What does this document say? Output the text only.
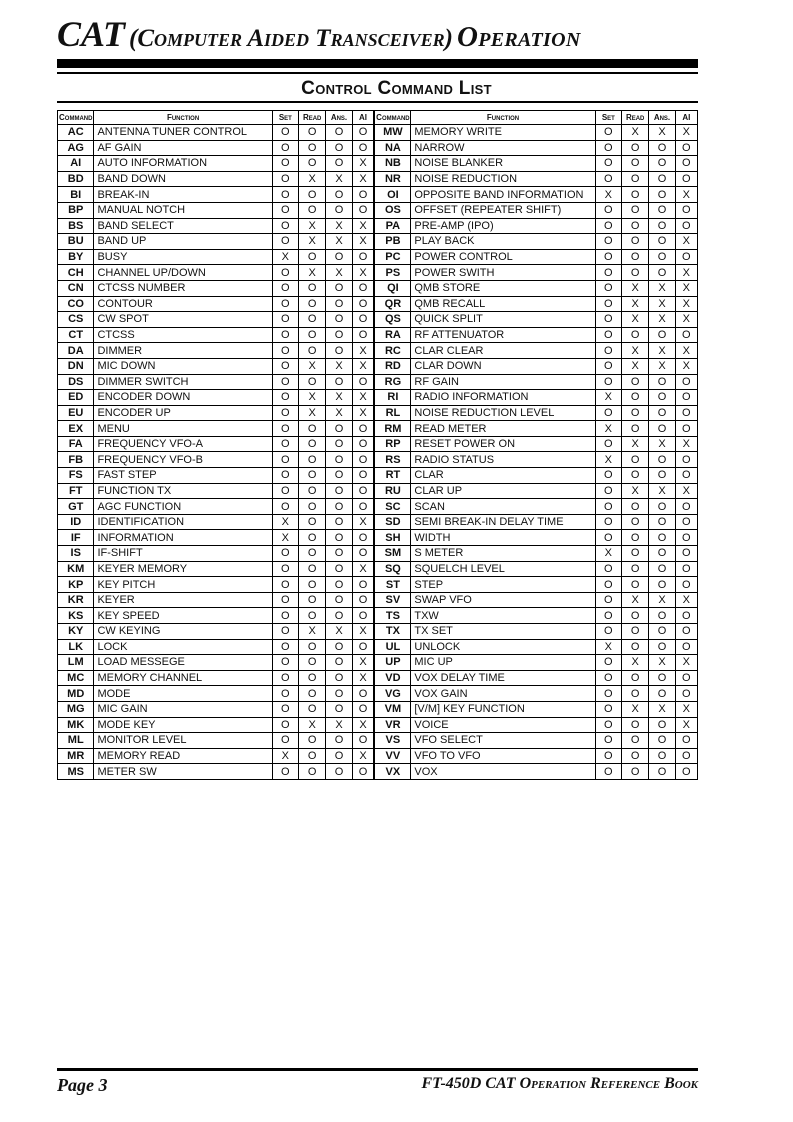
CAT (Computer Aided Transceiver) Operation
Control Command List
Command	Function	Set	Read	Ans.	AI	Command	Function	Set	Read	Ans.	AI
AC	ANTENNA TUNER CONTROL	O	O	O	O	MW	MEMORY WRITE	O	X	X	X
AG	AF GAIN	O	O	O	O	NA	NARROW	O	O	O	O
AI	AUTO INFORMATION	O	O	O	X	NB	NOISE BLANKER	O	O	O	O
BD	BAND DOWN	O	X	X	X	NR	NOISE REDUCTION	O	O	O	O
BI	BREAK-IN	O	O	O	O	OI	OPPOSITE BAND INFORMATION	X	O	O	X
BP	MANUAL NOTCH	O	O	O	O	OS	OFFSET (REPEATER SHIFT)	O	O	O	O
BS	BAND SELECT	O	X	X	X	PA	PRE-AMP (IPO)	O	O	O	O
BU	BAND UP	O	X	X	X	PB	PLAY BACK	O	O	O	X
BY	BUSY	X	O	O	O	PC	POWER CONTROL	O	O	O	O
CH	CHANNEL UP/DOWN	O	X	X	X	PS	POWER SWITH	O	O	O	X
CN	CTCSS NUMBER	O	O	O	O	QI	QMB STORE	O	X	X	X
CO	CONTOUR	O	O	O	O	QR	QMB RECALL	O	X	X	X
CS	CW SPOT	O	O	O	O	QS	QUICK SPLIT	O	X	X	X
CT	CTCSS	O	O	O	O	RA	RF ATTENUATOR	O	O	O	O
DA	DIMMER	O	O	O	X	RC	CLAR CLEAR	O	X	X	X
DN	MIC DOWN	O	X	X	X	RD	CLAR DOWN	O	X	X	X
DS	DIMMER SWITCH	O	O	O	O	RG	RF GAIN	O	O	O	O
ED	ENCODER DOWN	O	X	X	X	RI	RADIO INFORMATION	X	O	O	O
EU	ENCODER UP	O	X	X	X	RL	NOISE REDUCTION LEVEL	O	O	O	O
EX	MENU	O	O	O	O	RM	READ METER	X	O	O	O
FA	FREQUENCY VFO-A	O	O	O	O	RP	RESET POWER ON	O	X	X	X
FB	FREQUENCY VFO-B	O	O	O	O	RS	RADIO STATUS	X	O	O	O
FS	FAST STEP	O	O	O	O	RT	CLAR	O	O	O	O
FT	FUNCTION TX	O	O	O	O	RU	CLAR UP	O	X	X	X
GT	AGC FUNCTION	O	O	O	O	SC	SCAN	O	O	O	O
ID	IDENTIFICATION	X	O	O	X	SD	SEMI BREAK-IN DELAY TIME	O	O	O	O
IF	INFORMATION	X	O	O	O	SH	WIDTH	O	O	O	O
IS	IF-SHIFT	O	O	O	O	SM	S METER	X	O	O	O
KM	KEYER MEMORY	O	O	O	X	SQ	SQUELCH LEVEL	O	O	O	O
KP	KEY PITCH	O	O	O	O	ST	STEP	O	O	O	O
KR	KEYER	O	O	O	O	SV	SWAP VFO	O	X	X	X
KS	KEY SPEED	O	O	O	O	TS	TXW	O	O	O	O
KY	CW KEYING	O	X	X	X	TX	TX SET	O	O	O	O
LK	LOCK	O	O	O	O	UL	UNLOCK	X	O	O	O
LM	LOAD MESSEGE	O	O	O	X	UP	MIC UP	O	X	X	X
MC	MEMORY CHANNEL	O	O	O	X	VD	VOX DELAY TIME	O	O	O	O
MD	MODE	O	O	O	O	VG	VOX GAIN	O	O	O	O
MG	MIC GAIN	O	O	O	O	VM	[V/M] KEY FUNCTION	O	X	X	X
MK	MODE KEY	O	X	X	X	VR	VOICE	O	O	O	X
ML	MONITOR LEVEL	O	O	O	O	VS	VFO SELECT	O	O	O	O
MR	MEMORY READ	X	O	O	X	VV	VFO TO VFO	O	O	O	O
MS	METER SW	O	O	O	O	VX	VOX	O	O	O	O
Page 3	FT-450D CAT Operation Reference Book
